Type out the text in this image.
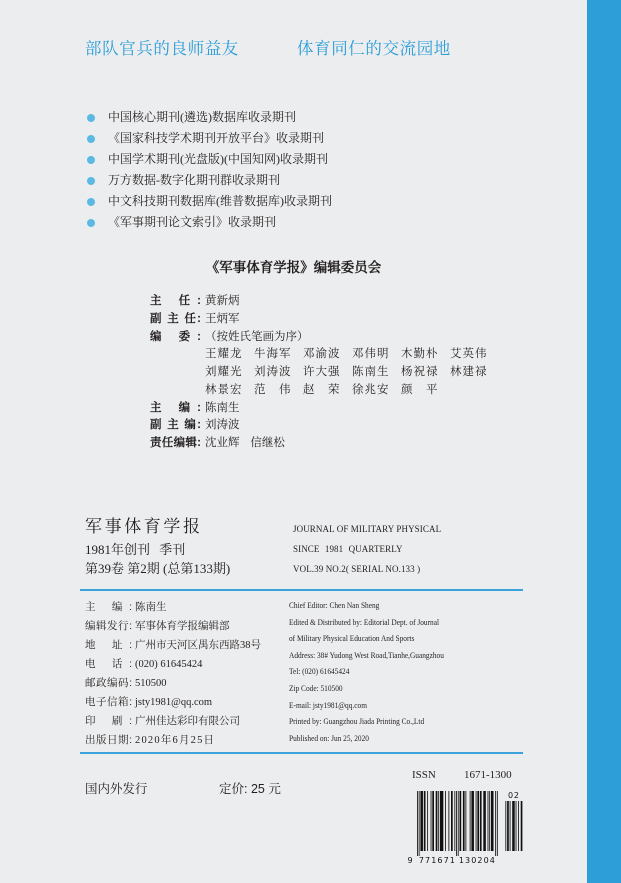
部队官兵的良师益友	体育同仁的交流园地
中国核心期刊(遴选)数据库收录期刊
《国家科技学术期刊开放平台》收录期刊
中国学术期刊(光盘版)(中国知网)收录期刊
万方数据-数字化期刊群收录期刊
中文科技期刊数据库(维普数据库)收录期刊
《军事期刊论文索引》收录期刊
《军事体育学报》编辑委员会
主 任: 黄新炳
副 主 任: 王炳军
编 委: （按姓氏笔画为序）
王耀龙 牛海军 邓渝波 邓伟明 木勤朴 艾英伟
刘耀光 刘涛波 许大强 陈南生 杨祝禄 林建禄
林景宏 范 伟 赵 荣 徐兆安 颜 平
主 编: 陈南生
副 主 编: 刘涛波
责任编辑: 沈业辉 信继松
军事体育学报
1981年创刊 季刊
第39卷 第2期 (总第133期)
JOURNAL OF MILITARY PHYSICAL
SINCE 1981 QUARTERLY
VOL.39 NO.2( SERIAL NO.133 )
主 编: 陈南生
编辑发行: 军事体育学报编辑部
地 址: 广州市天河区禺东西路38号
电 话: (020) 61645424
邮政编码: 510500
电子信箱: jsty1981@qq.com
印 刷: 广州佳达彩印有限公司
出版日期: 2020年6月25日
Chief Editor: Chen Nan Sheng
Edited & Distributed by: Editorial Dept. of Journal
of Military Physical Education And Sports
Address: 38# Yudong West Road,Tianhe,Guangzhou
Tel: (020) 61645424
Zip Code: 510500
E-mail: jsty1981@qq.com
Printed by: Guangzhou Jiada Printing Co.,Ltd
Published on: Jun 25, 2020
ISSN	1671-1300
国内外发行	定价: 25 元
9 771671 130204
02
